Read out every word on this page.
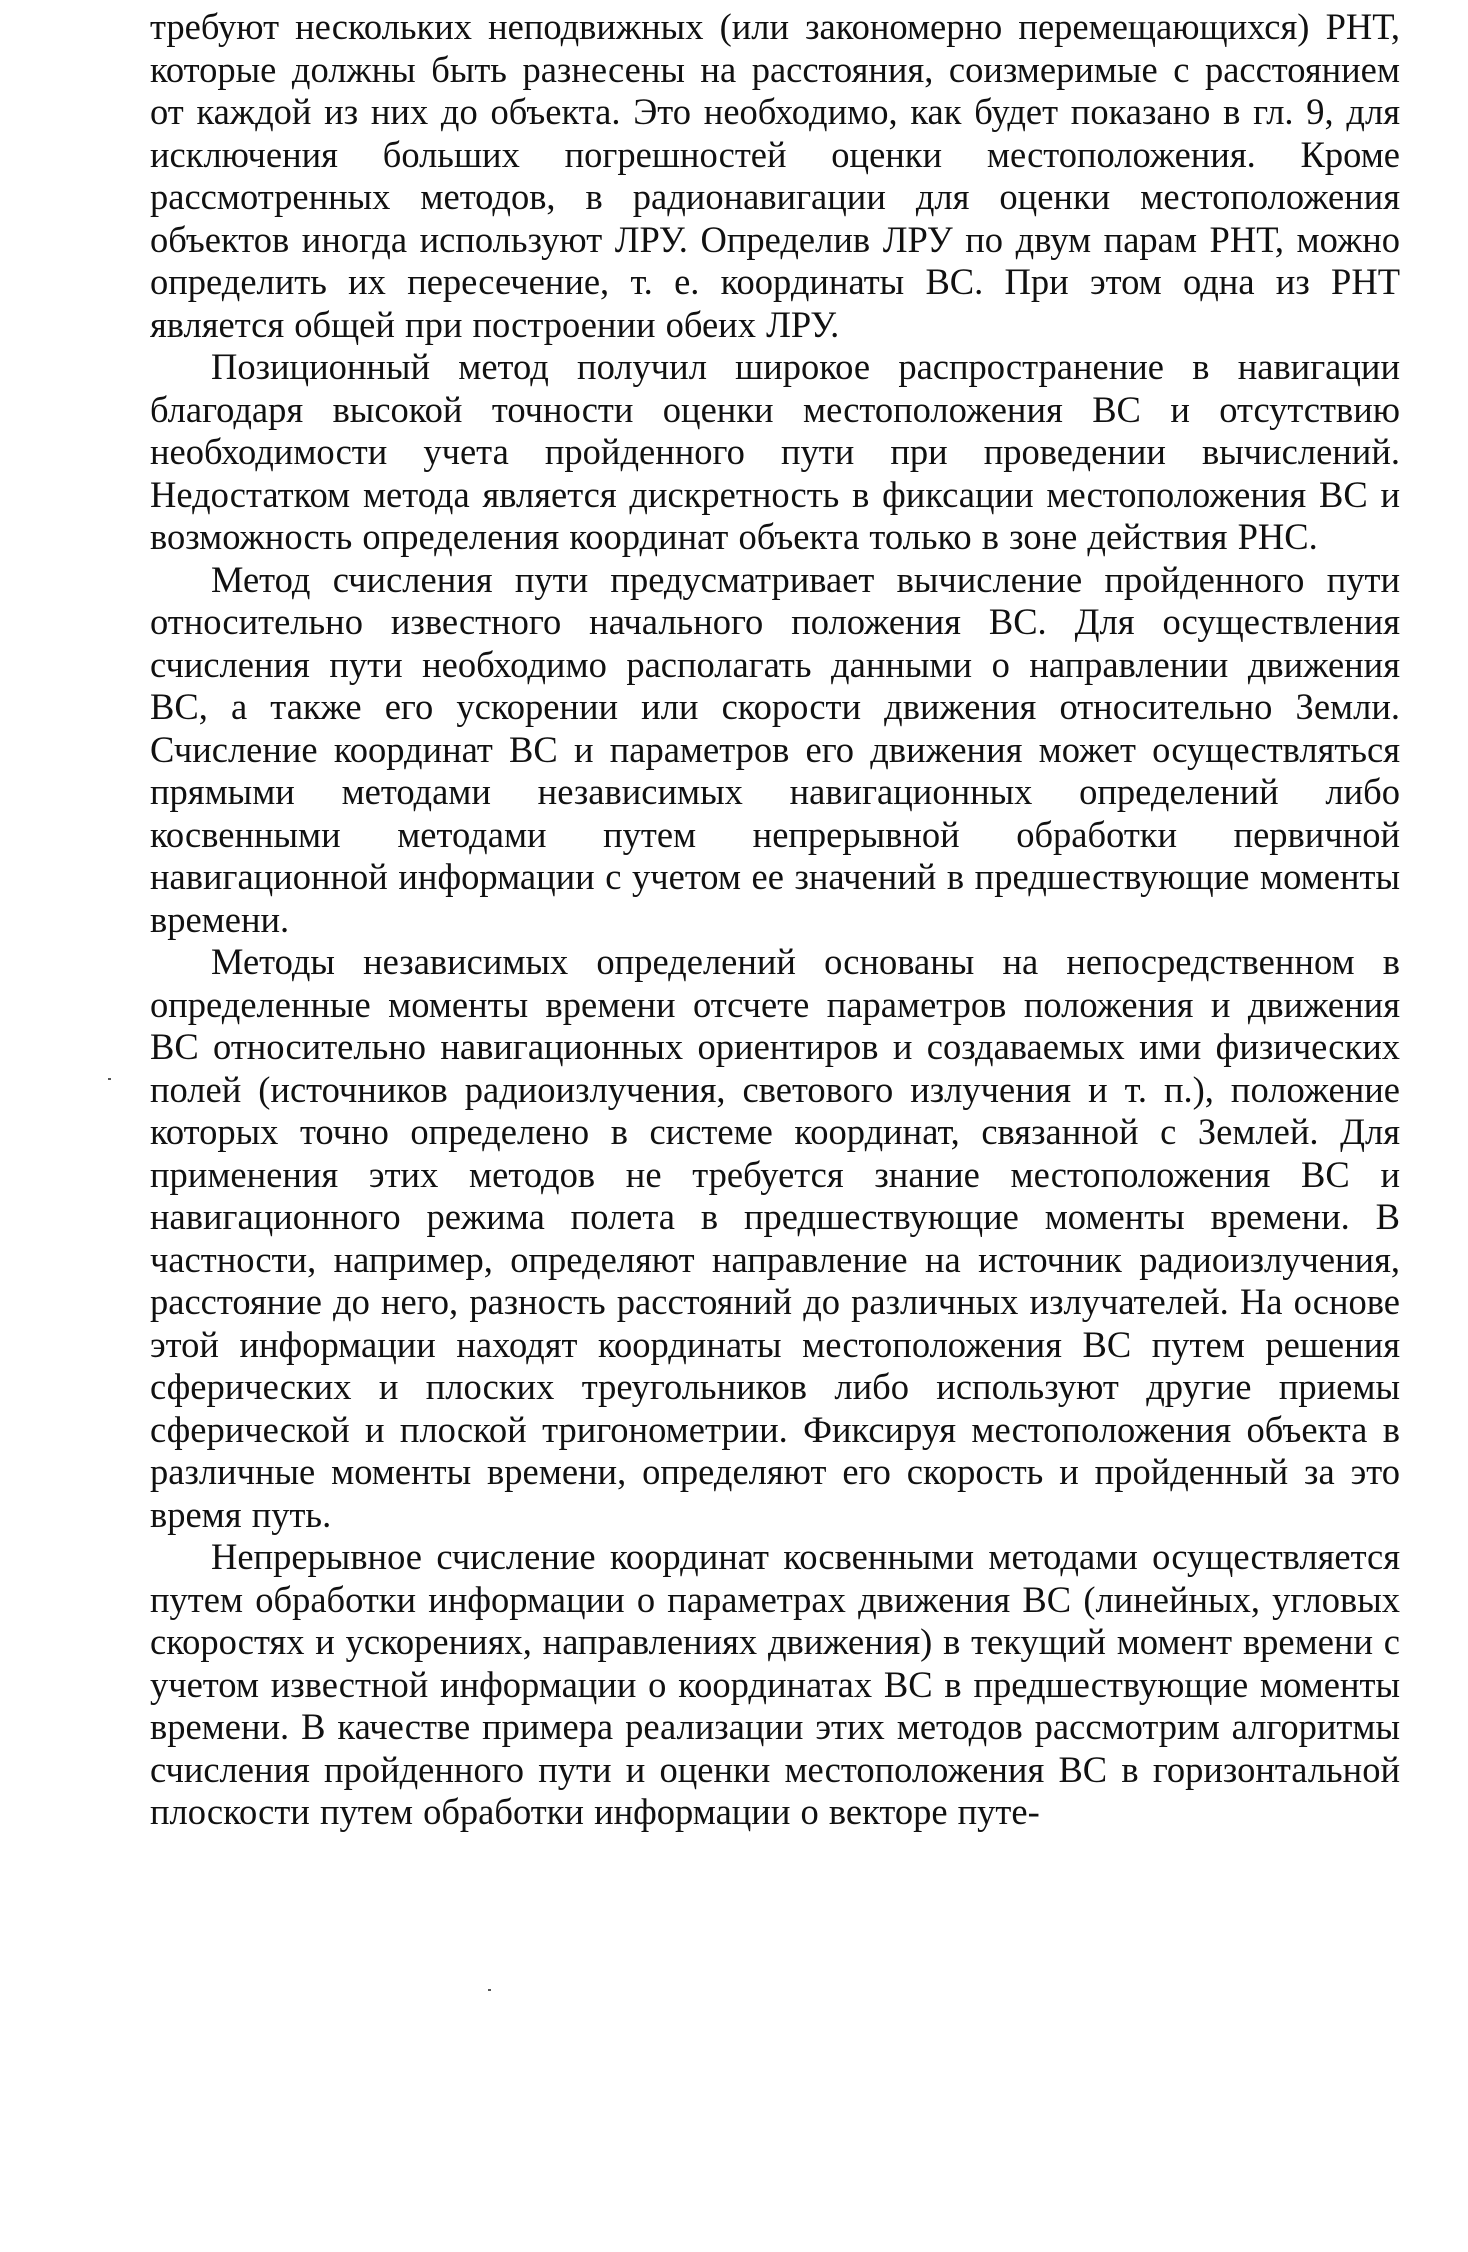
требуют нескольких неподвижных (или закономерно перемещающихся) РНТ, которые должны быть разнесены на расстояния, соизмеримые с расстоянием от каждой из них до объекта. Это необходимо, как будет показано в гл. 9, для исключения больших погрешностей оценки местоположения. Кроме рассмотренных методов, в радионавигации для оценки местоположения объектов иногда используют ЛРУ. Определив ЛРУ по двум парам РНТ, можно определить их пересечение, т. е. координаты ВС. При этом одна из РНТ является общей при построении обеих ЛРУ.

Позиционный метод получил широкое распространение в навигации благодаря высокой точности оценки местоположения ВС и отсутствию необходимости учета пройденного пути при проведении вычислений. Недостатком метода является дискретность в фиксации местоположения ВС и возможность определения координат объекта только в зоне действия РНС.

Метод счисления пути предусматривает вычисление пройденного пути относительно известного начального положения ВС. Для осуществления счисления пути необходимо располагать данными о направлении движения ВС, а также его ускорении или скорости движения относительно Земли. Счисление координат ВС и параметров его движения может осуществляться прямыми методами независимых навигационных определений либо косвенными методами путем непрерывной обработки первичной навигационной информации с учетом ее значений в предшествующие моменты времени.

Методы независимых определений основаны на непосредственном в определенные моменты времени отсчете параметров положения и движения ВС относительно навигационных ориентиров и создаваемых ими физических полей (источников радиоизлучения, светового излучения и т. п.), положение которых точно определено в системе координат, связанной с Землей. Для применения этих методов не требуется знание местоположения ВС и навигационного режима полета в предшествующие моменты времени. В частности, например, определяют направление на источник радиоизлучения, расстояние до него, разность расстояний до различных излучателей. На основе этой информации находят координаты местоположения ВС путем решения сферических и плоских треугольников либо используют другие приемы сферической и плоской тригонометрии. Фиксируя местоположения объекта в различные моменты времени, определяют его скорость и пройденный за это время путь.

Непрерывное счисление координат косвенными методами осуществляется путем обработки информации о параметрах движения ВС (линейных, угловых скоростях и ускорениях, направлениях движения) в текущий момент времени с учетом известной информации о координатах ВС в предшествующие моменты времени. В качестве примера реализации этих методов рассмотрим алгоритмы счисления пройденного пути и оценки местоположения ВС в горизонтальной плоскости путем обработки информации о векторе путе-
